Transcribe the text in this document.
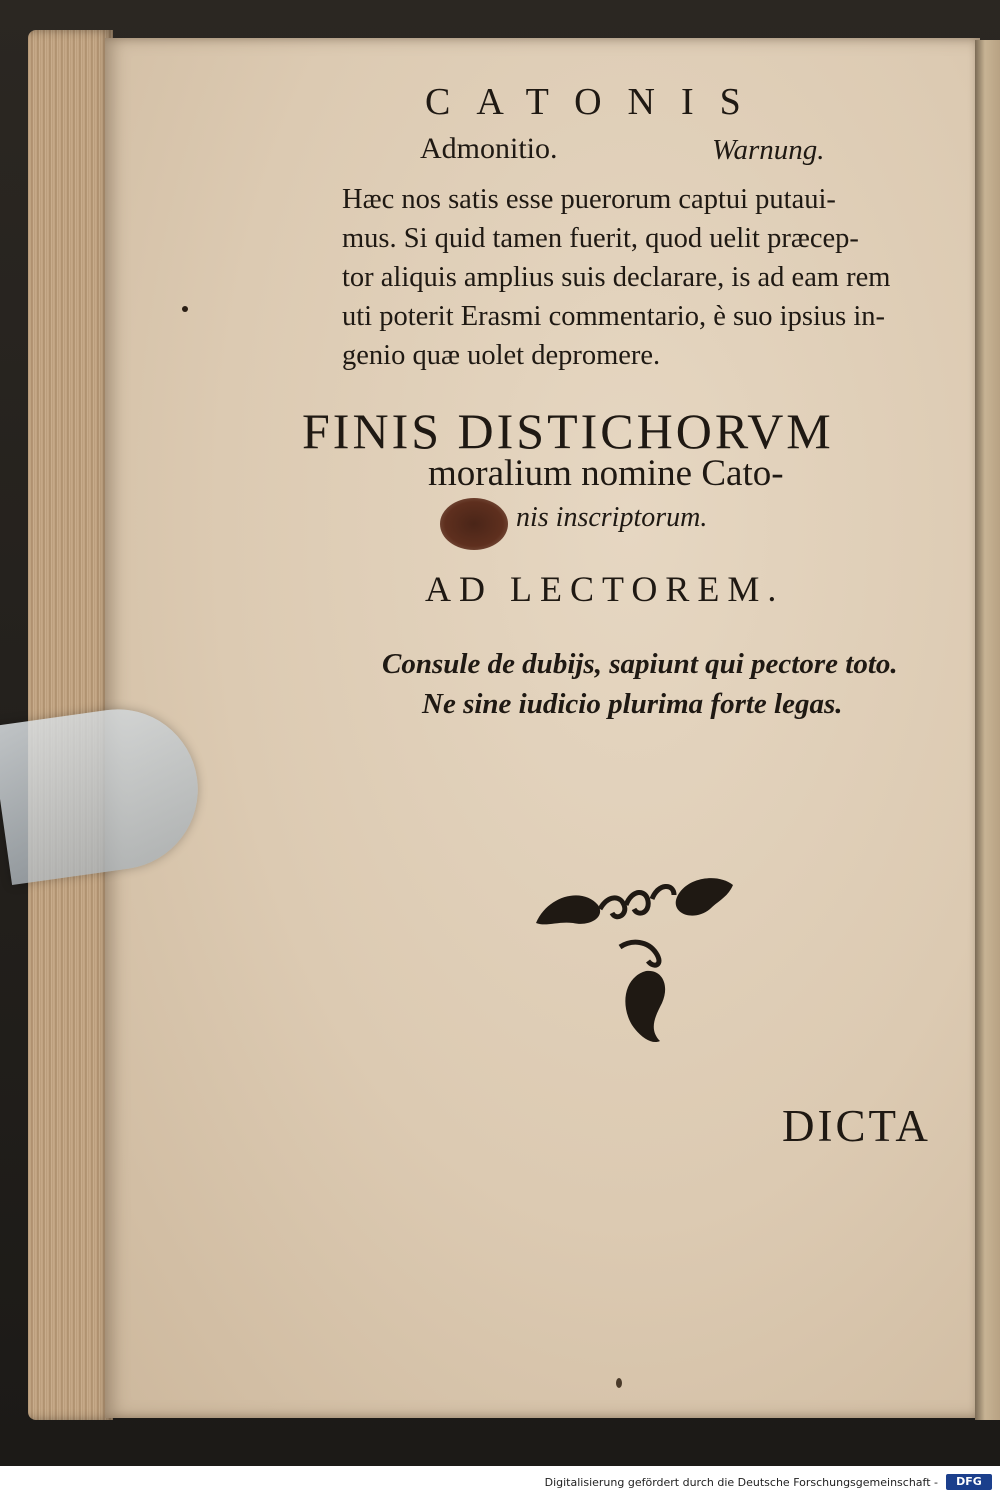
CATONIS
Admonitio.	Warnung.
Hæc nos satis esse puerorum captui putaui-
mus. Si quid tamen fuerit, quod uelit præcep-
tor aliquis amplius suis declarare, is ad eam rem
uti poterit Erasmi commentario, è suo ipsius in-
genio quæ uolet depromere.
FINIS DISTICHORVM
moralium nomine Cato-
nis inscriptorum.
AD LECTOREM.
Consule de dubijs, sapiunt qui pectore toto.
Ne sine iudicio plurima forte legas.
DICTA
Digitalisierung gefördert durch die Deutsche Forschungsgemeinschaft -	DFG
